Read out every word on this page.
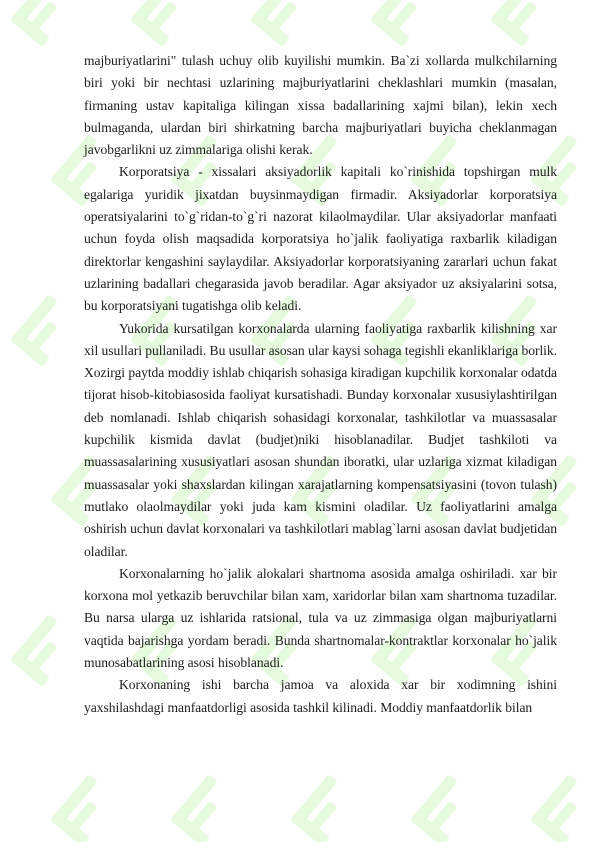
majburiyatlarini" tulash uchuy olib kuyilishi mumkin. Ba`zi xollarda mulkchilarning biri yoki bir nechtasi uzlarining majburiyatlarini cheklashlari mumkin (masalan, firmaning ustav kapitaliga kilingan xissa badallarining xajmi bilan), lekin xech bulmaganda, ulardan biri shirkatning barcha majburiyatlari buyicha cheklanmagan javobgarlikni uz zimmalariga olishi kerak.

Korporatsiya - xissalari aksiyadorlik kapitali ko`rinishida topshirgan mulk egalariga yuridik jixatdan buysinmaydigan firmadir. Aksiyadorlar korporatsiya operatsiyalarini to`g`ridan-to`g`ri nazorat kilaolmaydilar. Ular aksiyadorlar manfaati uchun foyda olish maqsadida korporatsiya ho`jalik faoliyatiga raxbarlik kiladigan direktorlar kengashini saylaydilar. Aksiyadorlar korporatsiyaning zararlari uchun fakat uzlarining badallari chegarasida javob beradilar. Agar aksiyador uz aksiyalarini sotsa, bu korporatsiyani tugatishga olib keladi.

Yukorida kursatilgan korxonalarda ularning faoliyatiga raxbarlik kilishning xar xil usullari pullaniladi. Bu usullar asosan ular kaysi sohaga tegishli ekanliklariga borlik. Xozirgi paytda moddiy ishlab chiqarish sohasiga kiradigan kupchilik korxonalar odatda tijorat hisob-kitobiasosida faoliyat kursatishadi. Bunday korxonalar xususiylashtirilgan deb nomlanadi. Ishlab chiqarish sohasidagi korxonalar, tashkilotlar va muassasalar kupchilik kismida davlat (budjet)niki hisoblanadilar. Budjet tashkiloti va muassasalarining xususiyatlari asosan shundan iboratki, ular uzlariga xizmat kiladigan muassasalar yoki shaxslardan kilingan xarajatlarning kompensatsiyasini (tovon tulash) mutlako olaolmaydilar yoki juda kam kismini oladilar. Uz faoliyatlarini amalga oshirish uchun davlat korxonalari va tashkilotlari mablag`larni asosan davlat budjetidan oladilar.

Korxonalarning ho`jalik alokalari shartnoma asosida amalga oshiriladi. xar bir korxona mol yetkazib beruvchilar bilan xam, xaridorlar bilan xam shartnoma tuzadilar. Bu narsa ularga uz ishlarida ratsional, tula va uz zimmasiga olgan majburiyatlarni vaqtida bajarishga yordam beradi. Bunda shartnomalar-kontraktlar korxonalar ho`jalik munosabatlarining asosi hisoblanadi.

Korxonaning ishi barcha jamoa va aloxida xar bir xodimning ishini yaxshilashdagi manfaatdorligi asosida tashkil kilinadi. Moddiy manfaatdorlik bilan
